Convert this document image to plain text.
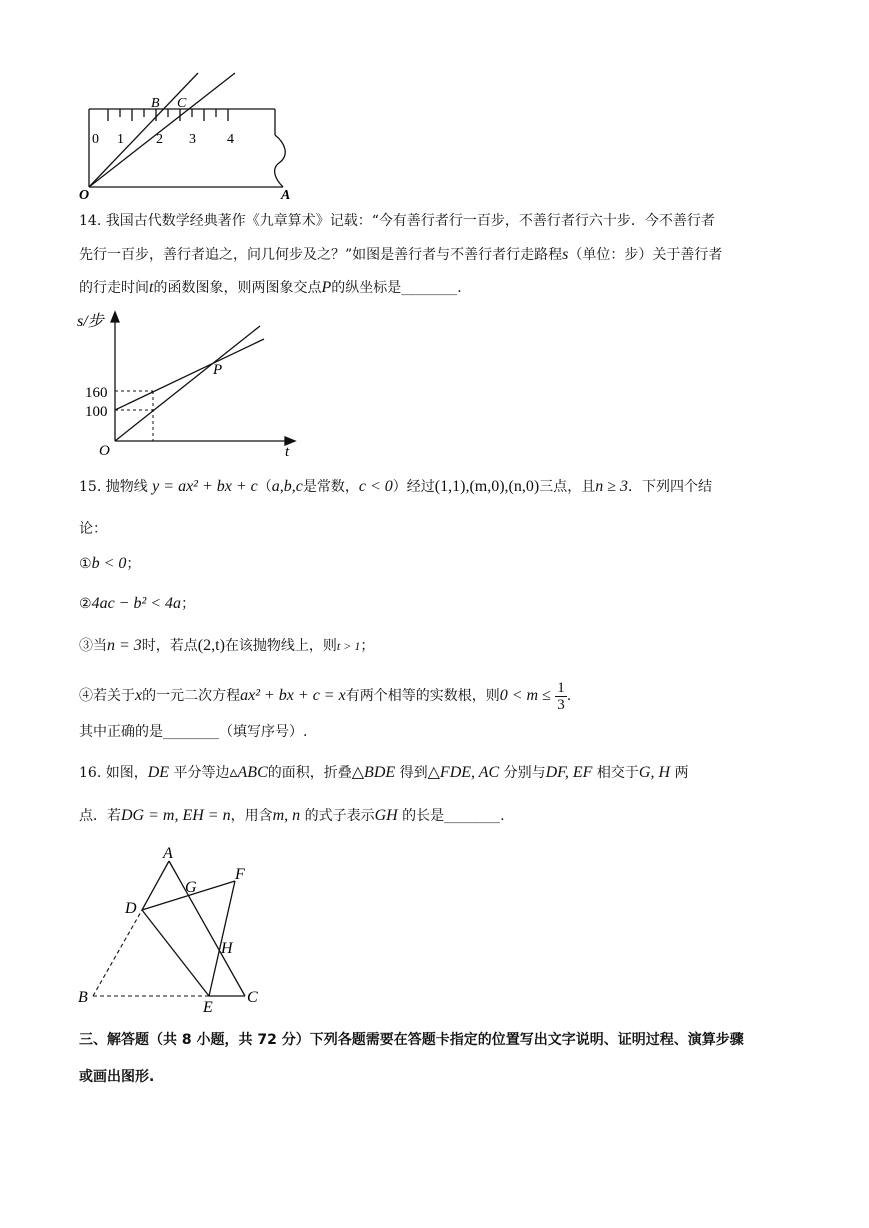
0 1 2 3 4
B C
O	A
14. 我国古代数学经典著作《九章算术》记载：“今有善行者行一百步，不善行者行六十步．今不善行者
先行一百步，善行者追之，问几何步及之？”如图是善行者与不善行者行走路程s（单位：步）关于善行者
的行走时间t的函数图象，则两图象交点P的纵坐标是________.
s/步
160
100
O	t
P
15. 抛物线 y = ax² + bx + c（a,b,c是常数，c < 0）经过(1,1),(m,0),(n,0)三点，且n ≥ 3．下列四个结
论：
①b < 0；
②4ac − b² < 4a；
③当n = 3时，若点(2,t)在该抛物线上，则t > 1；
④若关于x的一元二次方程ax² + bx + c = x有两个相等的实数根，则$0 < m \le \frac{1}{3}$ .
其中正确的是________（填写序号）.
16. 如图，DE 平分等边▵ABC的面积，折叠△BDE 得到△FDE, AC 分别与DF, EF 相交于G, H 两
点．若DG = m, EH = n，用含m, n 的式子表示GH 的长是________.
A
G
F
D
H
B
E
C
三、解答题（共 8 小题，共 72 分）下列各题需要在答题卡指定的位置写出文字说明、证明过程、演算步骤
或画出图形.
